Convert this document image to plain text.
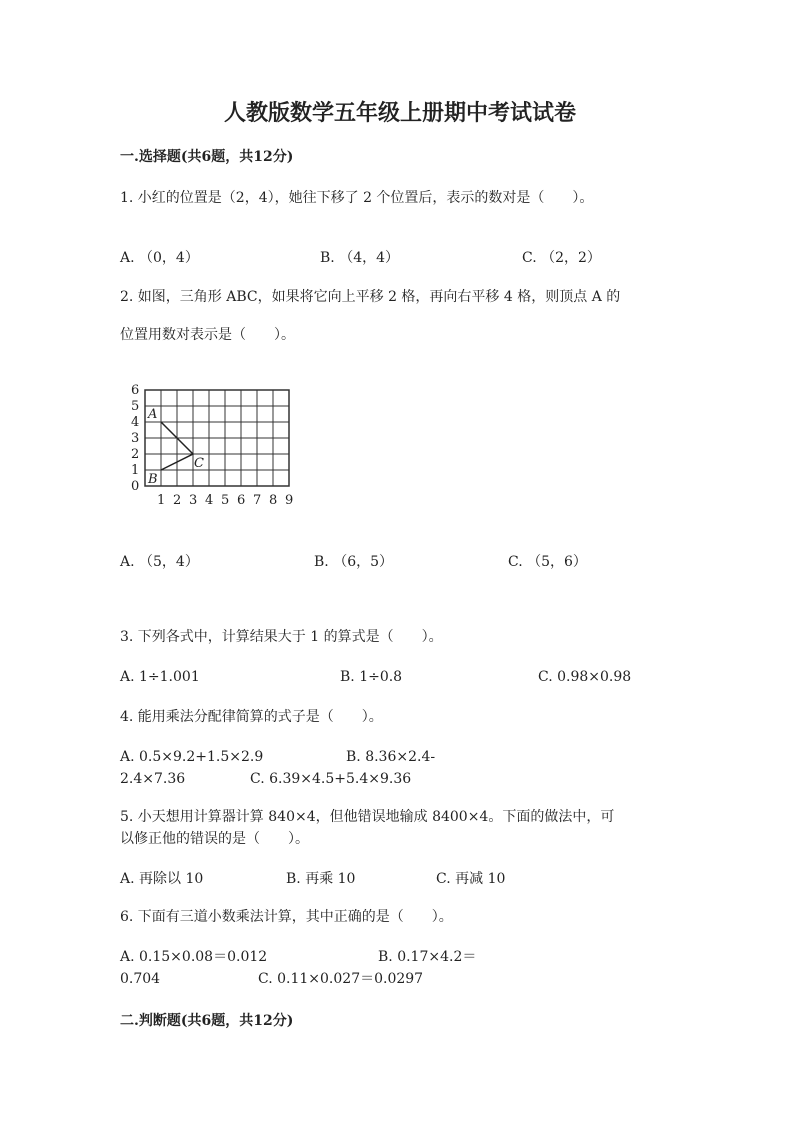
人教版数学五年级上册期中考试试卷
一.选择题(共6题，共12分)
1. 小红的位置是（2，4），她往下移了 2 个位置后，表示的数对是（　　）。
A. （0，4）	B. （4，4）	C. （2，2）
2. 如图，三角形 ABC，如果将它向上平移 2 格，再向右平移 4 格，则顶点 A 的
位置用数对表示是（　　）。
0
1
2
3
4
5
6
1 2 3 4 5 6 7 8 9
A
B
C
A. （5，4）	B. （6，5）	C. （5，6）
3. 下列各式中，计算结果大于 1 的算式是（　　）。
A. 1÷1.001	B. 1÷0.8	C. 0.98×0.98
4. 能用乘法分配律简算的式子是（　　）。
A. 0.5×9.2+1.5×2.9	B. 8.36×2.4-
2.4×7.36	C. 6.39×4.5+5.4×9.36
5. 小天想用计算器计算 840×4，但他错误地输成 8400×4。下面的做法中，可
以修正他的错误的是（　　）。
A. 再除以 10	B. 再乘 10	C. 再减 10
6. 下面有三道小数乘法计算，其中正确的是（　　）。
A. 0.15×0.08＝0.012	B. 0.17×4.2＝
0.704	C. 0.11×0.027＝0.0297
二.判断题(共6题，共12分)
